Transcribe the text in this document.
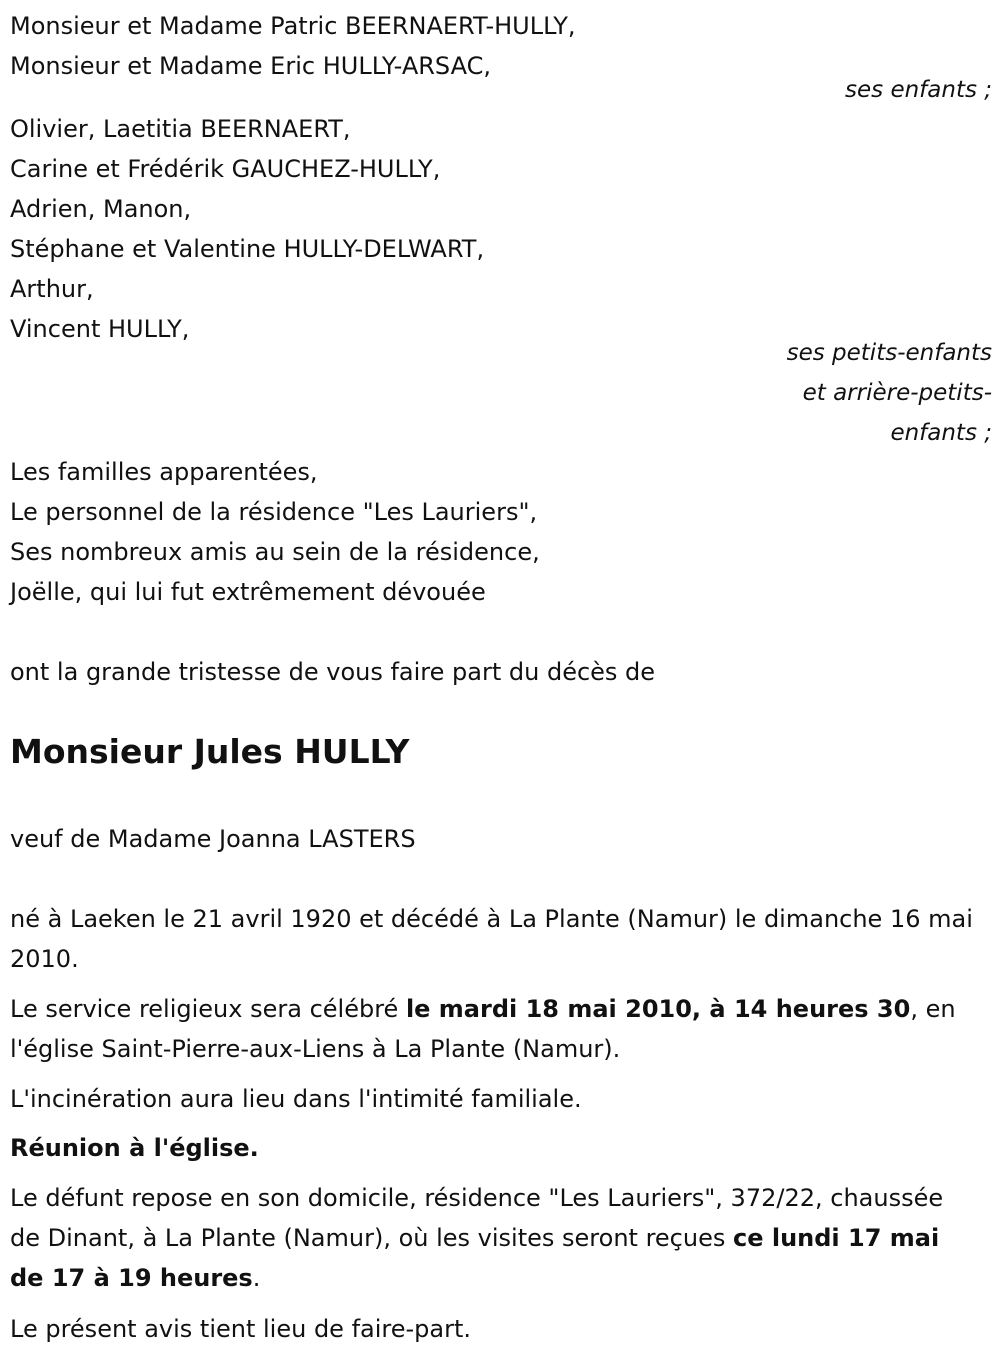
Monsieur et Madame Patric BEERNAERT-HULLY,
Monsieur et Madame Eric HULLY-ARSAC,
ses enfants ;
Olivier, Laetitia BEERNAERT,
Carine et Frédérik GAUCHEZ-HULLY,
Adrien, Manon,
Stéphane et Valentine HULLY-DELWART,
Arthur,
Vincent HULLY,
ses petits-enfants
et arrière-petits-
enfants ;
Les familles apparentées,
Le personnel de la résidence "Les Lauriers",
Ses nombreux amis au sein de la résidence,
Joëlle, qui lui fut extrêmement dévouée
ont la grande tristesse de vous faire part du décès de
Monsieur Jules HULLY
veuf de Madame Joanna LASTERS
né à Laeken le 21 avril 1920 et décédé à La Plante (Namur) le dimanche 16 mai 2010.
Le service religieux sera célébré le mardi 18 mai 2010, à 14 heures 30, en l'église Saint-Pierre-aux-Liens à La Plante (Namur).
L'incinération aura lieu dans l'intimité familiale.
Réunion à l'église.
Le défunt repose en son domicile, résidence "Les Lauriers", 372/22, chaussée de Dinant, à La Plante (Namur), où les visites seront reçues ce lundi 17 mai de 17 à 19 heures.
Le présent avis tient lieu de faire-part.
